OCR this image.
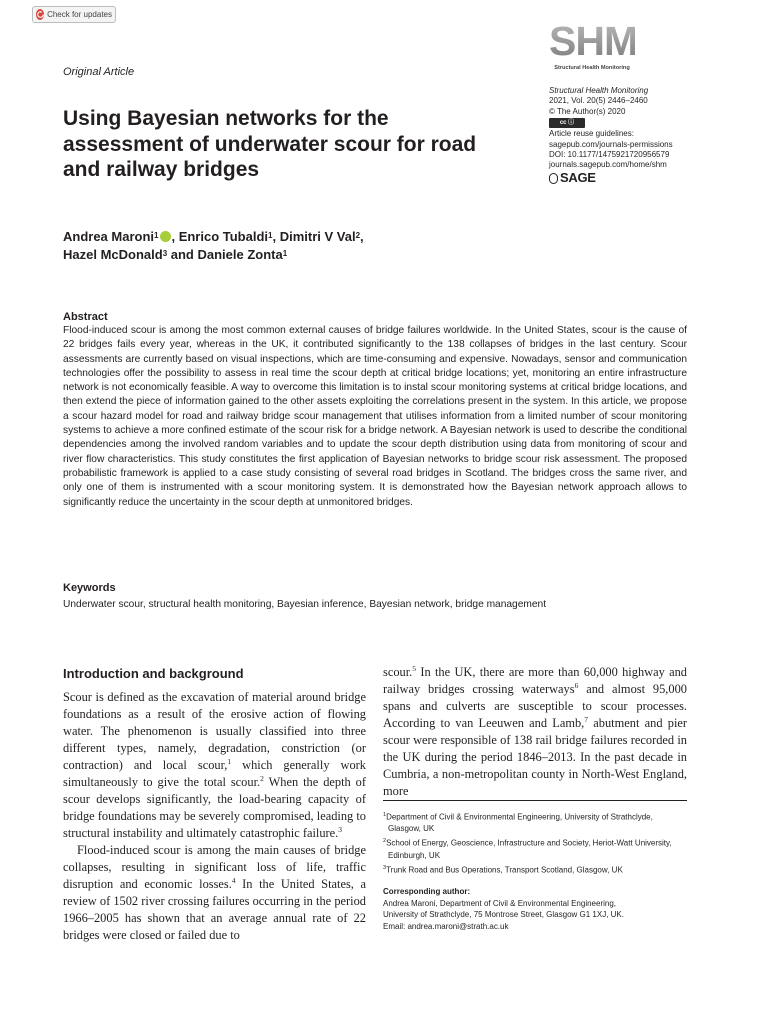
Check for updates
Original Article
SHM
Structural Health Monitoring
Structural Health Monitoring
2021, Vol. 20(5) 2446–2460
© The Author(s) 2020
cc ⓘ
Article reuse guidelines:
sagepub.com/journals-permissions
DOI: 10.1177/1475921720956579
journals.sagepub.com/home/shm
SAGE
Using Bayesian networks for the assessment of underwater scour for road and railway bridges
Andrea Maroni$^1$ , Enrico Tubaldi$^1$, Dimitri V Val$^2$,
Hazel McDonald$^3$ and Daniele Zonta$^1$
Abstract
Flood-induced scour is among the most common external causes of bridge failures worldwide. In the United States, scour is the cause of 22 bridges fails every year, whereas in the UK, it contributed significantly to the 138 collapses of bridges in the last century. Scour assessments are currently based on visual inspections, which are time-consuming and expensive. Nowadays, sensor and communication technologies offer the possibility to assess in real time the scour depth at critical bridge locations; yet, monitoring an entire infrastructure network is not economically feasible. A way to overcome this limitation is to instal scour monitoring systems at critical bridge locations, and then extend the piece of information gained to the other assets exploiting the correlations present in the system. In this article, we propose a scour hazard model for road and railway bridge scour management that utilises information from a limited number of scour monitoring systems to achieve a more confined estimate of the scour risk for a bridge network. A Bayesian network is used to describe the conditional dependencies among the involved random variables and to update the scour depth distribution using data from monitoring of scour and river flow characteristics. This study constitutes the first application of Bayesian networks to bridge scour risk assessment. The proposed probabilistic framework is applied to a case study consisting of several road bridges in Scotland. The bridges cross the same river, and only one of them is instrumented with a scour monitoring system. It is demonstrated how the Bayesian network approach allows to significantly reduce the uncertainty in the scour depth at unmonitored bridges.
Keywords
Underwater scour, structural health monitoring, Bayesian inference, Bayesian network, bridge management
Introduction and background

Scour is defined as the excavation of material around bridge foundations as a result of the erosive action of flowing water. The phenomenon is usually classified into three different types, namely, degradation, constriction (or contraction) and local scour,$^1$ which generally work simultaneously to give the total scour.$^2$ When the depth of scour develops significantly, the load-bearing capacity of bridge foundations may be severely compromised, leading to structural instability and ultimately catastrophic failure.$^3$

Flood-induced scour is among the main causes of bridge collapses, resulting in significant loss of life, traffic disruption and economic losses.$^4$ In the United States, a review of 1502 river crossing failures occurring in the period 1966–2005 has shown that an average annual rate of 22 bridges were closed or failed due to

scour.$^5$ In the UK, there are more than 60,000 highway and railway bridges crossing waterways$^6$ and almost 95,000 spans and culverts are susceptible to scour processes. According to van Leeuwen and Lamb,$^7$ abutment and pier scour were responsible of 138 rail bridge failures recorded in the UK during the period 1846–2013. In the past decade in Cumbria, a non-metropolitan county in North-West England, more

$^1$Department of Civil & Environmental Engineering, University of Strathclyde, Glasgow, UK

$^2$School of Energy, Geoscience, Infrastructure and Society, Heriot-Watt University, Edinburgh, UK

$^3$Trunk Road and Bus Operations, Transport Scotland, Glasgow, UK

Corresponding author:
Andrea Maroni, Department of Civil & Environmental Engineering,
University of Strathclyde, 75 Montrose Street, Glasgow G1 1XJ, UK.
Email: andrea.maroni@strath.ac.uk
